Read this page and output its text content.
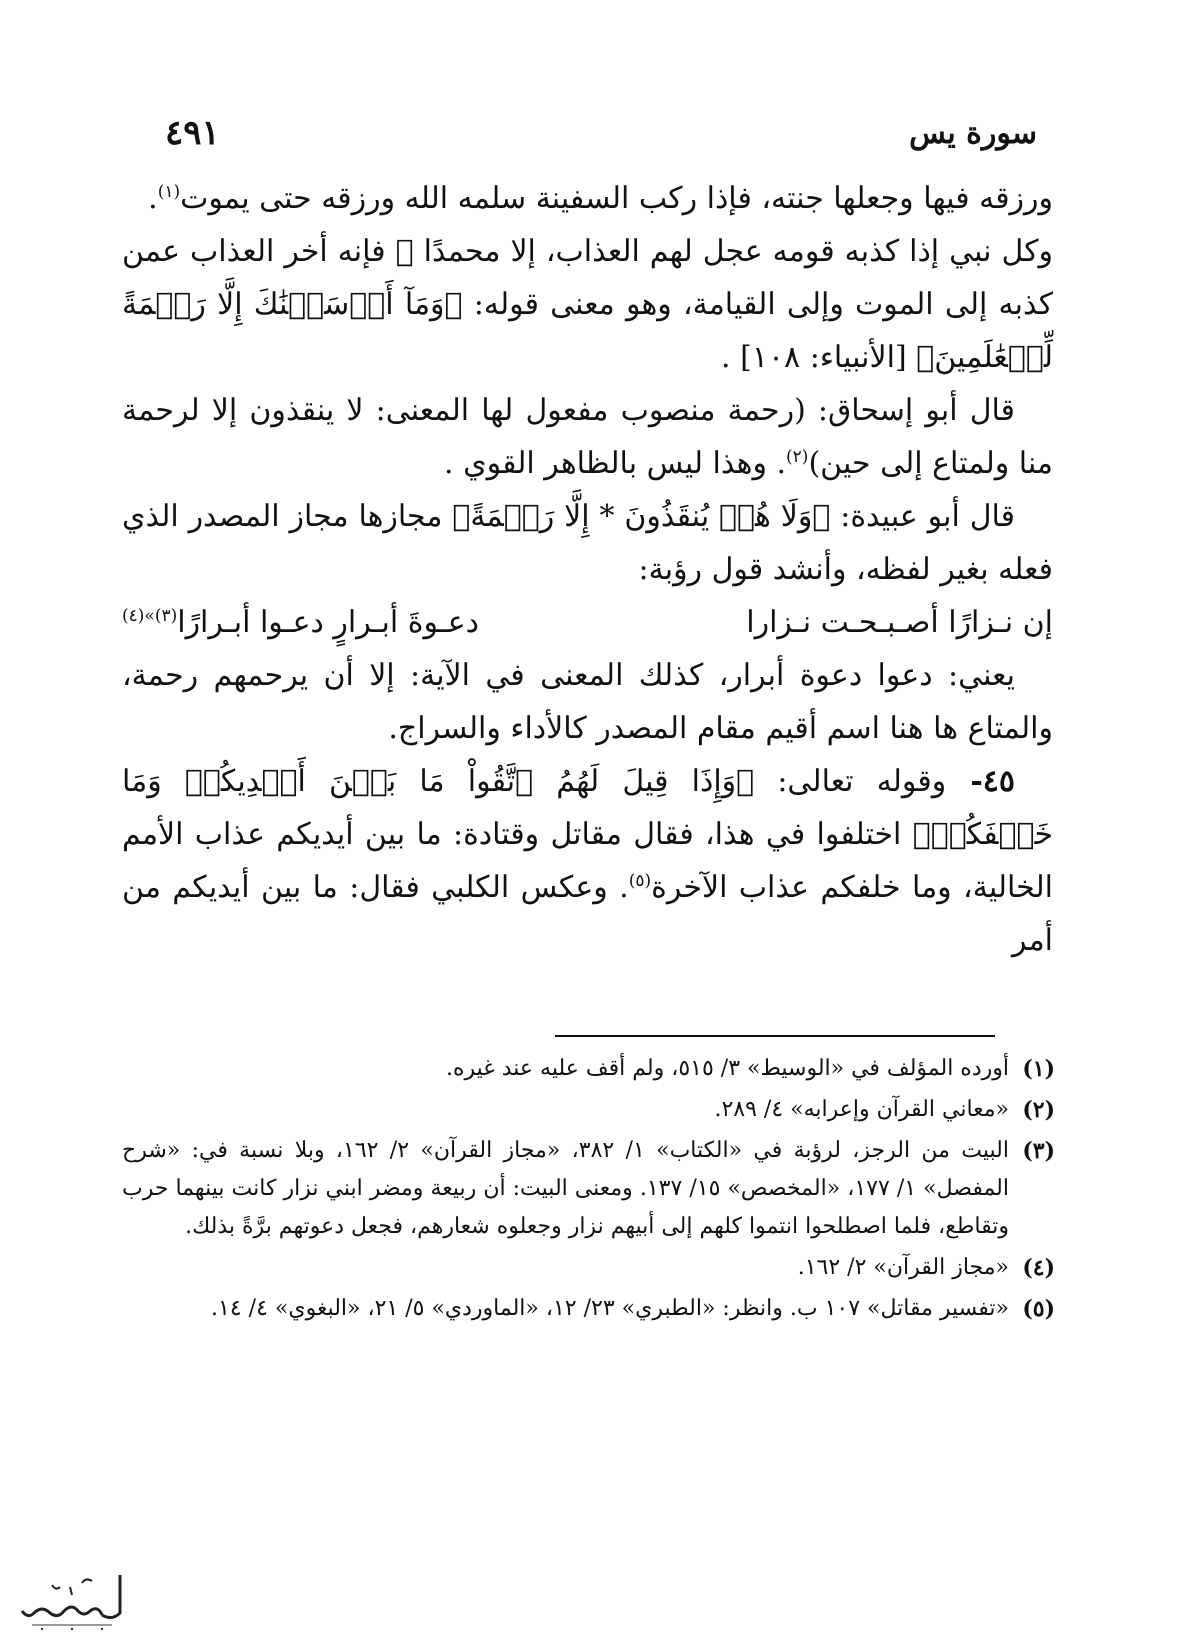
سورة يس
٤٩١

ورزقه فيها وجعلها جنته، فإذا ركب السفينة سلمه الله ورزقه حتى يموت$^{(١)}$.

وكل نبي إذا كذبه قومه عجل لهم العذاب، إلا محمدًا ﷺ فإنه أخر العذاب عمن كذبه إلى الموت وإلى القيامة، وهو معنى قوله: ﴿وَمَآ أَرۡسَلۡنَٰكَ إِلَّا رَحۡمَةً لِّلۡعَٰلَمِينَ﴾ [الأنبياء: ١٠٨] .

قال أبو إسحاق: (رحمة منصوب مفعول لها المعنى: لا ينقذون إلا لرحمة منا ولمتاع إلى حين)$^{(٢)}$. وهذا ليس بالظاهر القوي .

قال أبو عبيدة: ﴿وَلَا هُمۡ يُنقَذُونَ * إِلَّا رَحۡمَةً﴾ مجازها مجاز المصدر الذي فعله بغير لفظه، وأنشد قول رؤبة:

إن نـزارًا أصـبـحـت نـزارا
دعـوةَ أبـرارٍ دعـوا أبـرارًا$^{(٣)»(٤)}$

يعني: دعوا دعوة أبرار، كذلك المعنى في الآية: إلا أن يرحمهم رحمة، والمتاع ها هنا اسم أقيم مقام المصدر كالأداء والسراج.

٤٥- وقوله تعالى: ﴿وَإِذَا قِيلَ لَهُمُ ٱتَّقُواْ مَا بَيۡنَ أَيۡدِيكُمۡ وَمَا خَلۡفَكُمۡ﴾ اختلفوا في هذا، فقال مقاتل وقتادة: ما بين أيديكم عذاب الأمم الخالية، وما خلفكم عذاب الآخرة$^{(٥)}$. وعكس الكلبي فقال: ما بين أيديكم من أمر

(١)
أورده المؤلف في «الوسيط» ٣/ ٥١٥، ولم أقف عليه عند غيره.
(٢)
«معاني القرآن وإعرابه» ٤/ ٢٨٩.
(٣)
البيت من الرجز، لرؤبة في «الكتاب» ١/ ٣٨٢، «مجاز القرآن» ٢/ ١٦٢، وبلا نسبة في: «شرح المفصل» ١/ ١٧٧، «المخصص» ١٥/ ١٣٧. ومعنى البيت: أن ربيعة ومضر ابني نزار كانت بينهما حرب وتقاطع، فلما اصطلحوا انتموا كلهم إلى أبيهم نزار وجعلوه شعارهم، فجعل دعوتهم برَّةً بذلك.
(٤)
«مجاز القرآن» ٢/ ١٦٢.
(٥)
«تفسير مقاتل» ١٠٧ ب. وانظر: «الطبري» ٢٣/ ١٢، «الماوردي» ٥/ ٢١، «البغوي» ٤/ ١٤.
